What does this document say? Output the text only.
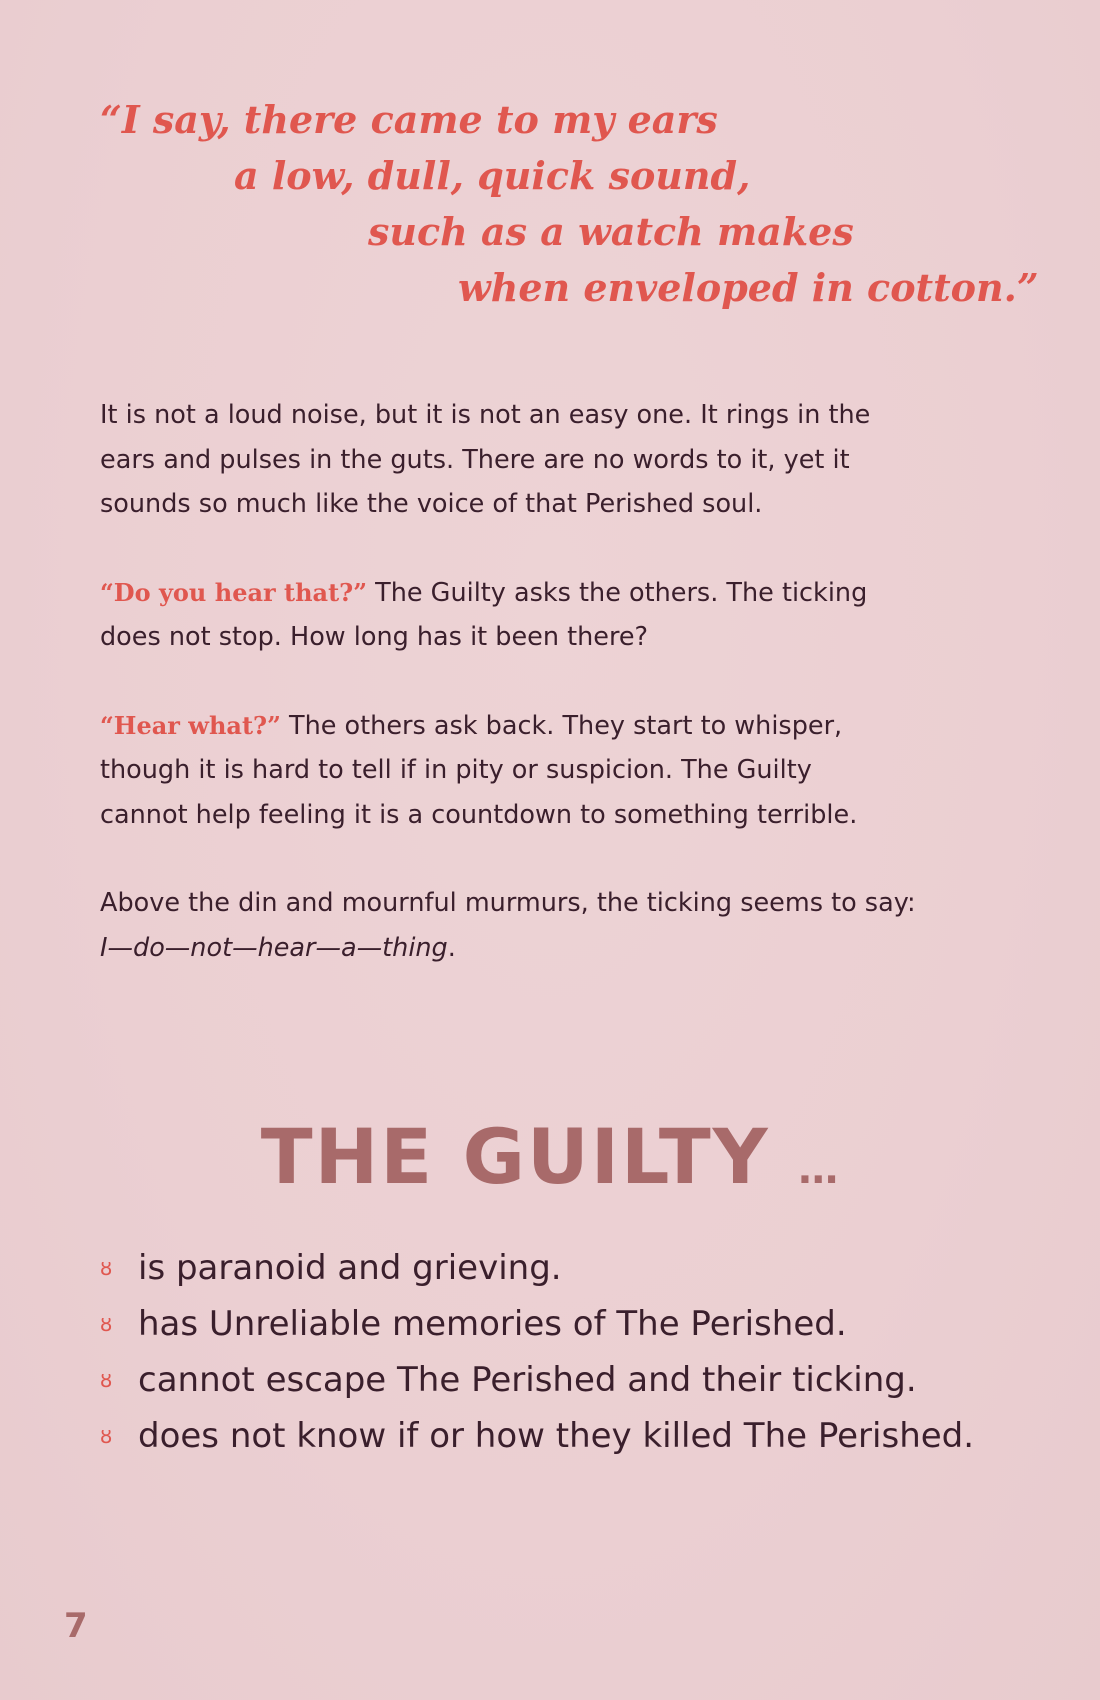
“I say, there came to my ears
a low, dull, quick sound,
such as a watch makes
when enveloped in cotton.”

It is not a loud noise, but it is not an easy one. It rings in the
ears and pulses in the guts. There are no words to it, yet it
sounds so much like the voice of that Perished soul.

“Do you hear that?” The Guilty asks the others. The ticking
does not stop. How long has it been there?

“Hear what?” The others ask back. They start to whisper,
though it is hard to tell if in pity or suspicion. The Guilty
cannot help feeling it is a countdown to something terrible.

Above the din and mournful murmurs, the ticking seems to say:
I—do—not—hear—a—thing.

THE GUILTY …
ȣ is paranoid and grieving.
ȣ has Unreliable memories of The Perished.
ȣ cannot escape The Perished and their ticking.
ȣ does not know if or how they killed The Perished.
7
